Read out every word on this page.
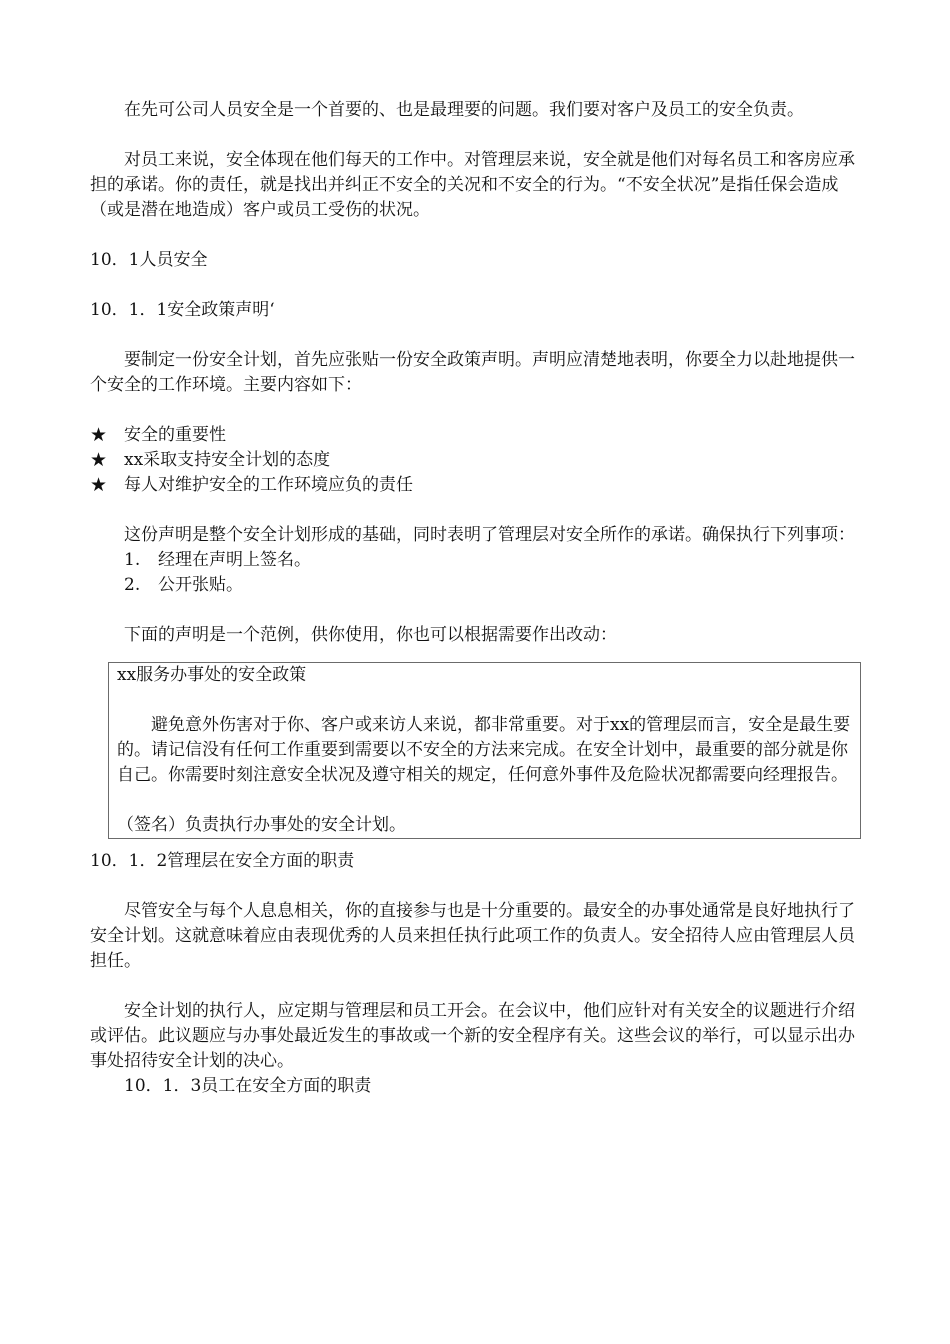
在先可公司人员安全是一个首要的、也是最理要的问题。我们要对客户及员工的安全负责。

对员工来说，安全体现在他们每天的工作中。对管理层来说，安全就是他们对每名员工和客房应承担的承诺。你的责任，就是找出并纠正不安全的关况和不安全的行为。“不安全状况”是指任保会造成（或是潜在地造成）客户或员工受伤的状况。

10．1人员安全

10．1．1安全政策声明‘

要制定一份安全计划，首先应张贴一份安全政策声明。声明应清楚地表明，你要全力以赴地提供一个安全的工作环境。主要内容如下：

★ 安全的重要性
★ xx采取支持安全计划的态度
★ 每人对维护安全的工作环境应负的责任

这份声明是整个安全计划形成的基础，同时表明了管理层对安全所作的承诺。确保执行下列事项：

1.	经理在声明上签名。
2.	公开张贴。

下面的声明是一个范例，供你使用，你也可以根据需要作出改动：

xx服务办事处的安全政策

避免意外伤害对于你、客户或来访人来说，都非常重要。对于xx的管理层而言，安全是最生要的。请记信没有任何工作重要到需要以不安全的方法来完成。在安全计划中，最重要的部分就是你自己。你需要时刻注意安全状况及遵守相关的规定，任何意外事件及危险状况都需要向经理报告。

（签名）负责执行办事处的安全计划。

10．1．2管理层在安全方面的职责

尽管安全与每个人息息相关，你的直接参与也是十分重要的。最安全的办事处通常是良好地执行了安全计划。这就意味着应由表现优秀的人员来担任执行此项工作的负责人。安全招待人应由管理层人员担任。

安全计划的执行人，应定期与管理层和员工开会。在会议中，他们应针对有关安全的议题进行介绍或评估。此议题应与办事处最近发生的事故或一个新的安全程序有关。这些会议的举行，可以显示出办事处招待安全计划的决心。

10．1．3员工在安全方面的职责
